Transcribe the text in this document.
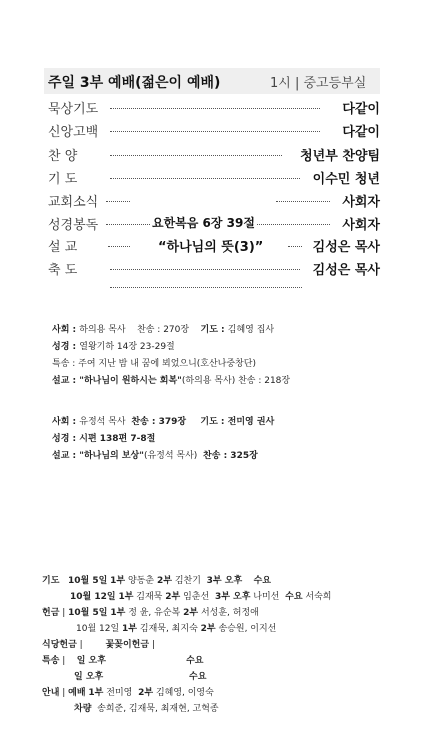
주일 3부 예배(젊은이 예배)	1시 | 중고등부실
묵상기도	다같이
신앙고백	다같이
찬 양	청년부 찬양팀
기 도	이수민 청년
교회소식	사회자
성경봉독	요한복음 6장 39절	사회자
설 교	“하나님의 뜻(3)”	김성은 목사
축 도	김성은 목사
사회 : 하의용 목사 찬송 : 270장 기도 : 김혜영 집사
성경 : 열왕기하 14장 23-29절
특송 : 주여 지난 밤 내 꿈에 뵈었으니(호산나중창단)
설교 : "하나님이 원하시는 회복"(하의용 목사) 찬송 : 218장
사회 : 유정석 목사 찬송 : 379장 기도 : 전미영 권사
성경 : 시편 138편 7-8절
설교 : "하나님의 보상"(유정석 목사) 찬송 : 325장
기도 10월 5일 1부 양동춘 2부 김찬기 3부 오후 수요
10월 12일 1부 김재묵 2부 임춘선 3부 오후 나미선 수요 서숙희
헌금 | 10월 5일 1부 정 윤, 유순복 2부 서성훈, 허정애
10월 12일 1부 김재묵, 최지숙 2부 송승원, 이지선
식당헌금 |        꽃꽂이헌금 |
특송 |    일 오후	수요
일 오후	수요
안내 | 예배 1부 전미영 2부 김혜영, 이영숙
차량 송희준, 김재묵, 최재현, 고혁종
